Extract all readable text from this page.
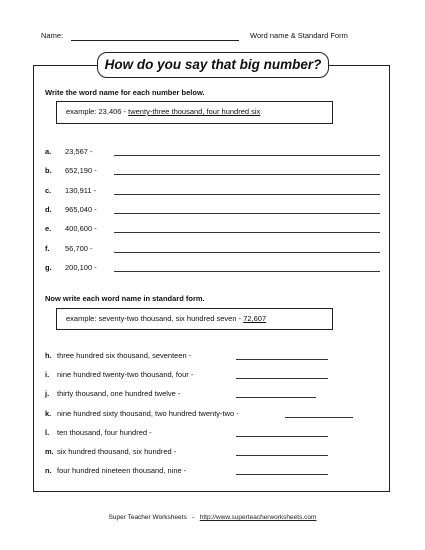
Name:	Word name & Standard Form
How do you say that big number?
Write the word name for each number below.
example: 23,406 - twenty-three thousand, four hundred six
a. 23,567 -
b. 652,190 -
c. 130,911 -
d. 965,040 -
e. 400,600 -
f. 56,700 -
g. 200,100 -
Now write each word name in standard form.
example: seventy-two thousand, six hundred seven - 72,607
h. three hundred six thousand, seventeen -
i. nine hundred twenty-two thousand, four -
j. thirty thousand, one hundred twelve -
k. nine hundred sixty thousand, two hundred twenty-two -
l. ten thousand, four hundred -
m. six hundred thousand, six hundred -
n. four hundred nineteen thousand, nine -
Super Teacher Worksheets - http://www.superteacherworksheets.com
